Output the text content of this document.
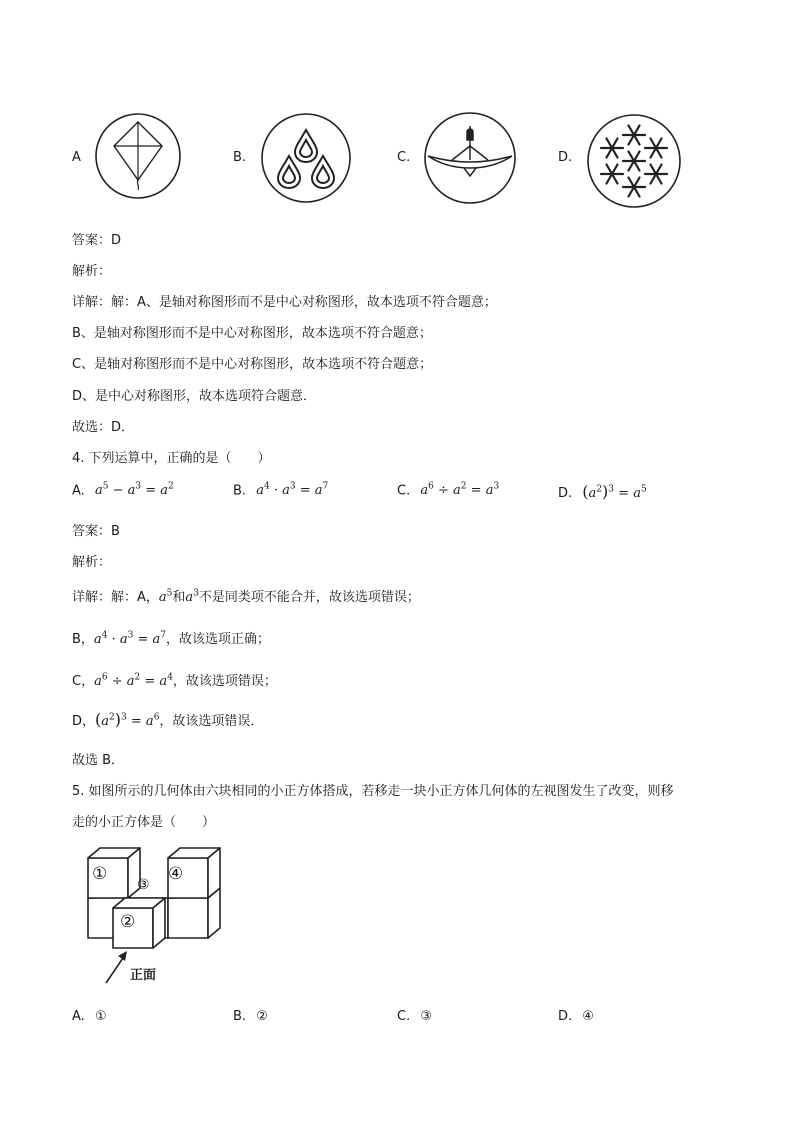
A	B.	C.	D.
答案：D
解析：
详解：解：A、是轴对称图形而不是中心对称图形，故本选项不符合题意；
B、是轴对称图形而不是中心对称图形，故本选项不符合题意；
C、是轴对称图形而不是中心对称图形，故本选项不符合题意；
D、是中心对称图形，故本选项符合题意．
故选：D．
4. 下列运算中，正确的是（　　）
A. $a^5 - a^3 = a^2$	B. $a^4 \cdot a^3 = a^7$	C. $a^6 \div a^2 = a^3$	D. $(a^2)^3 = a^5$
答案：B
解析：
详解：解：A，$a^5$和$a^3$不是同类项不能合并，故该选项错误；
B，$a^4 \cdot a^3 = a^7$，故该选项正确；
C，$a^6 \div a^2 = a^4$，故该选项错误；
D，$(a^2)^3 = a^6$，故该选项错误．
故选 B．
5. 如图所示的几何体由六块相同的小正方体搭成，若移走一块小正方体几何体的左视图发生了改变，则移
走的小正方体是（　　）
①
③
④
②
正面
A. ①	B. ②	C. ③	D. ④
